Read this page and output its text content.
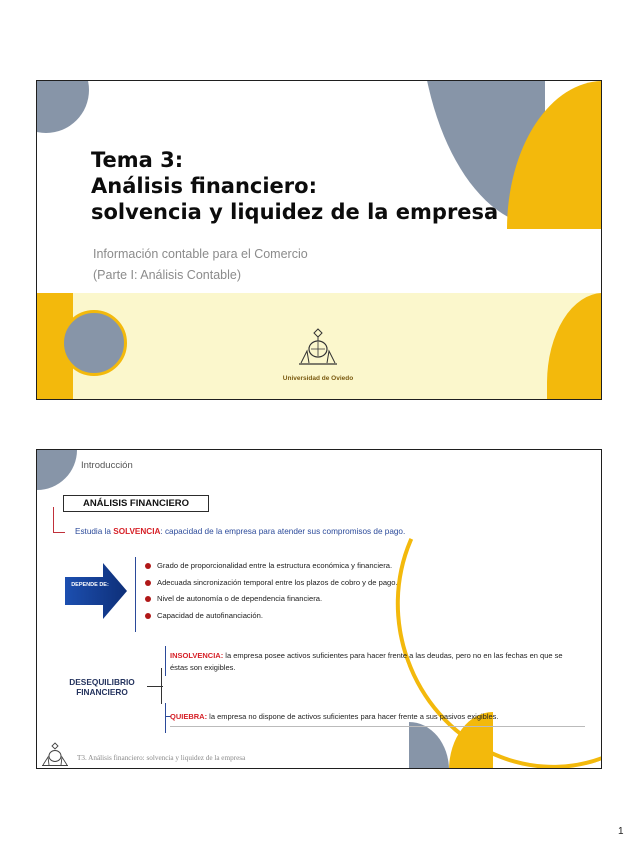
Tema 3:
Análisis financiero:
solvencia y liquidez de la empresa
Información contable para el Comercio
(Parte I: Análisis Contable)
Universidad de Oviedo
Introducción
ANÁLISIS FINANCIERO
Estudia la SOLVENCIA: capacidad de la empresa para atender sus compromisos de pago.
DEPENDE DE:
Grado de proporcionalidad entre la estructura económica y financiera.
Adecuada sincronización temporal entre los plazos de cobro y de pago.
Nivel de autonomía o de dependencia financiera.
Capacidad de autofinanciación.
DESEQUILIBRIO FINANCIERO
INSOLVENCIA: la empresa posee activos suficientes para hacer frente a las deudas, pero no en las fechas en que se éstas son exigibles.
QUIEBRA: la empresa no dispone de activos suficientes para hacer frente a sus pasivos exigibles.
T3. Análisis financiero: solvencia y liquidez de la empresa
1
